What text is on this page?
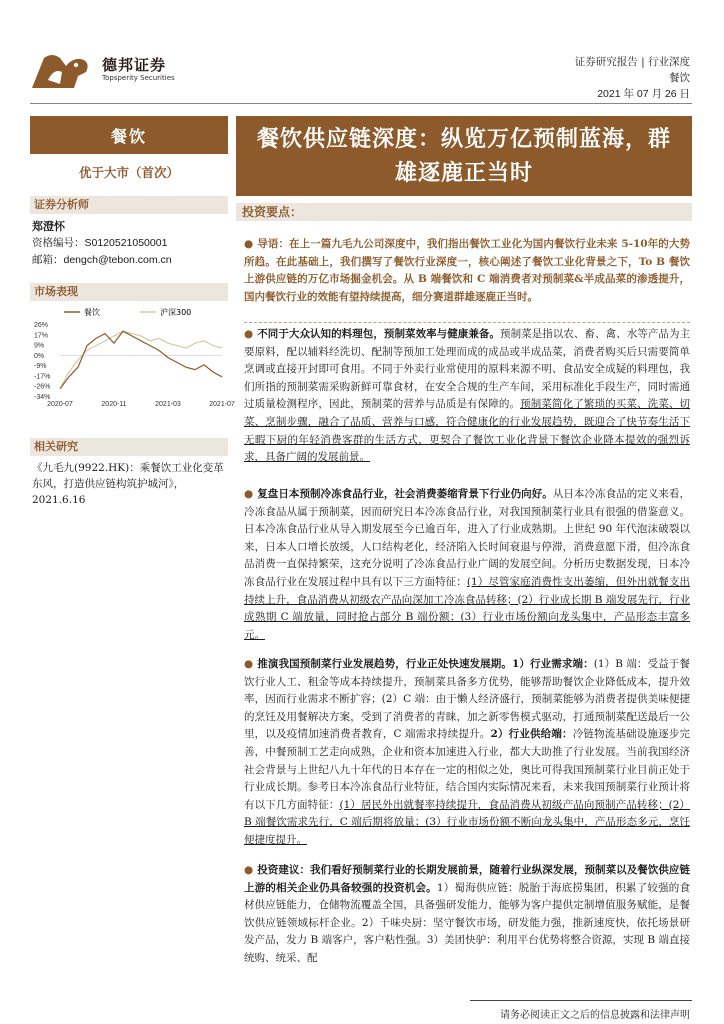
德邦证券
Topsperity Securities
证券研究报告 | 行业深度
餐饮
2021 年 07 月 26 日
餐饮
优于大市（首次）
证券分析师
郑澄怀
资格编号：S0120521050001
邮箱：dengch@tebon.com.cn
市场表现
餐饮	沪深300
26%
17%
9%
0%
-9%
-17%
-26%
-34%
2020-07	2020-11	2021-03	2021-07
相关研究
《九毛九(9922.HK)：乘餐饮工业化变革东风，打造供应链构筑护城河》，2021.6.16
餐饮供应链深度：纵览万亿预制蓝海，群雄逐鹿正当时
投资要点：
● 导语：在上一篇九毛九公司深度中，我们指出餐饮工业化为国内餐饮行业未来 5-10年的大势所趋。在此基础上，我们撰写了餐饮行业深度一，核心阐述了餐饮工业化背景之下，To B 餐饮上游供应链的万亿市场掘金机会。从 B 端餐饮和 C 端消费者对预制菜&半成品菜的渗透提升，国内餐饮行业的效能有望持续提高，细分赛道群雄逐鹿正当时。
● 不同于大众认知的料理包，预制菜效率与健康兼备。预制菜是指以农、畜、禽、水等产品为主要原料，配以辅料经洗切、配制等预加工处理而成的成品或半成品菜，消费者购买后只需要简单烹调或直接开封即可食用。不同于外卖行业常使用的原料来源不明、食品安全成疑的料理包，我们所指的预制菜需采购新鲜可靠食材，在安全合规的生产车间，采用标准化手段生产，同时需通过质量检测程序，因此，预制菜的营养与品质是有保障的。预制菜简化了繁琐的买菜、洗菜、切菜、烹制步骤，融合了品质、营养与口感，符合健康化的行业发展趋势，既迎合了快节奏生活下无暇下厨的年轻消费客群的生活方式，更契合了餐饮工业化背景下餐饮企业降本提效的强烈诉求，具备广阔的发展前景。
● 复盘日本预制冷冻食品行业，社会消费萎缩背景下行业仍向好。从日本冷冻食品的定义来看，冷冻食品从属于预制菜，因而研究日本冷冻食品行业，对我国预制菜行业具有很强的借鉴意义。日本冷冻食品行业从导入期发展至今已逾百年，进入了行业成熟期。上世纪 90 年代泡沫破裂以来，日本人口增长放缓，人口结构老化，经济陷入长时间衰退与停滞，消费意愿下滑，但冷冻食品消费一直保持繁荣，这充分说明了冷冻食品行业广阔的发展空间。分析历史数据发现，日本冷冻食品行业在发展过程中具有以下三方面特征：(1）尽管家庭消费性支出萎缩，但外出就餐支出持续上升，食品消费从初级农产品向深加工冷冻食品转移；(2）行业成长期 B 端发展先行，行业成熟期 C 端放量，同时抢占部分 B 端份额；(3）行业市场份额向龙头集中，产品形态丰富多元。
● 推演我国预制菜行业发展趋势，行业正处快速发展期。1）行业需求端：(1）B 端：受益于餐饮行业人工、租金等成本持续提升，预制菜具备多方优势，能够帮助餐饮企业降低成本，提升效率，因而行业需求不断扩容；(2）C 端：由于懒人经济盛行，预制菜能够为消费者提供美味便捷的烹饪及用餐解决方案，受到了消费者的青睐，加之新零售模式驱动，打通预制菜配送最后一公里，以及疫情加速消费者教育，C 端需求持续提升。2）行业供给端：冷链物流基础设施逐步完善，中餐预制工艺走向成熟，企业和资本加速进入行业，都大大助推了行业发展。当前我国经济社会背景与上世纪八九十年代的日本存在一定的相似之处，奥比可得我国预制菜行业目前正处于行业成长期。参考日本冷冻食品行业特征，结合国内实际情况来看，未来我国预制菜行业预计将有以下几方面特征：(1）居民外出就餐率持续提升，食品消费从初级产品向预制产品转移；(2）B 端餐饮需求先行，C 端后期将放量；(3）行业市场份额不断向龙头集中，产品形态多元，烹饪便捷度提升。
● 投资建议：我们看好预制菜行业的长期发展前景，随着行业纵深发展，预制菜以及餐饮供应链上游的相关企业仍具备较强的投资机会。1）蜀海供应链：脱胎于海底捞集团，积累了较强的食材供应链能力，仓储物流覆盖全国，具备强研发能力，能够为客户提供定制增值服务赋能，是餐饮供应链领域标杆企业。2）千味央厨：坚守餐饮市场，研发能力强，推新速度快，依托场景研发产品，发力 B 端客户，客户粘性强。3）美团快驴：利用平台优势将整合资源，实现 B 端直接统购、统采、配
请务必阅读正文之后的信息披露和法律声明
